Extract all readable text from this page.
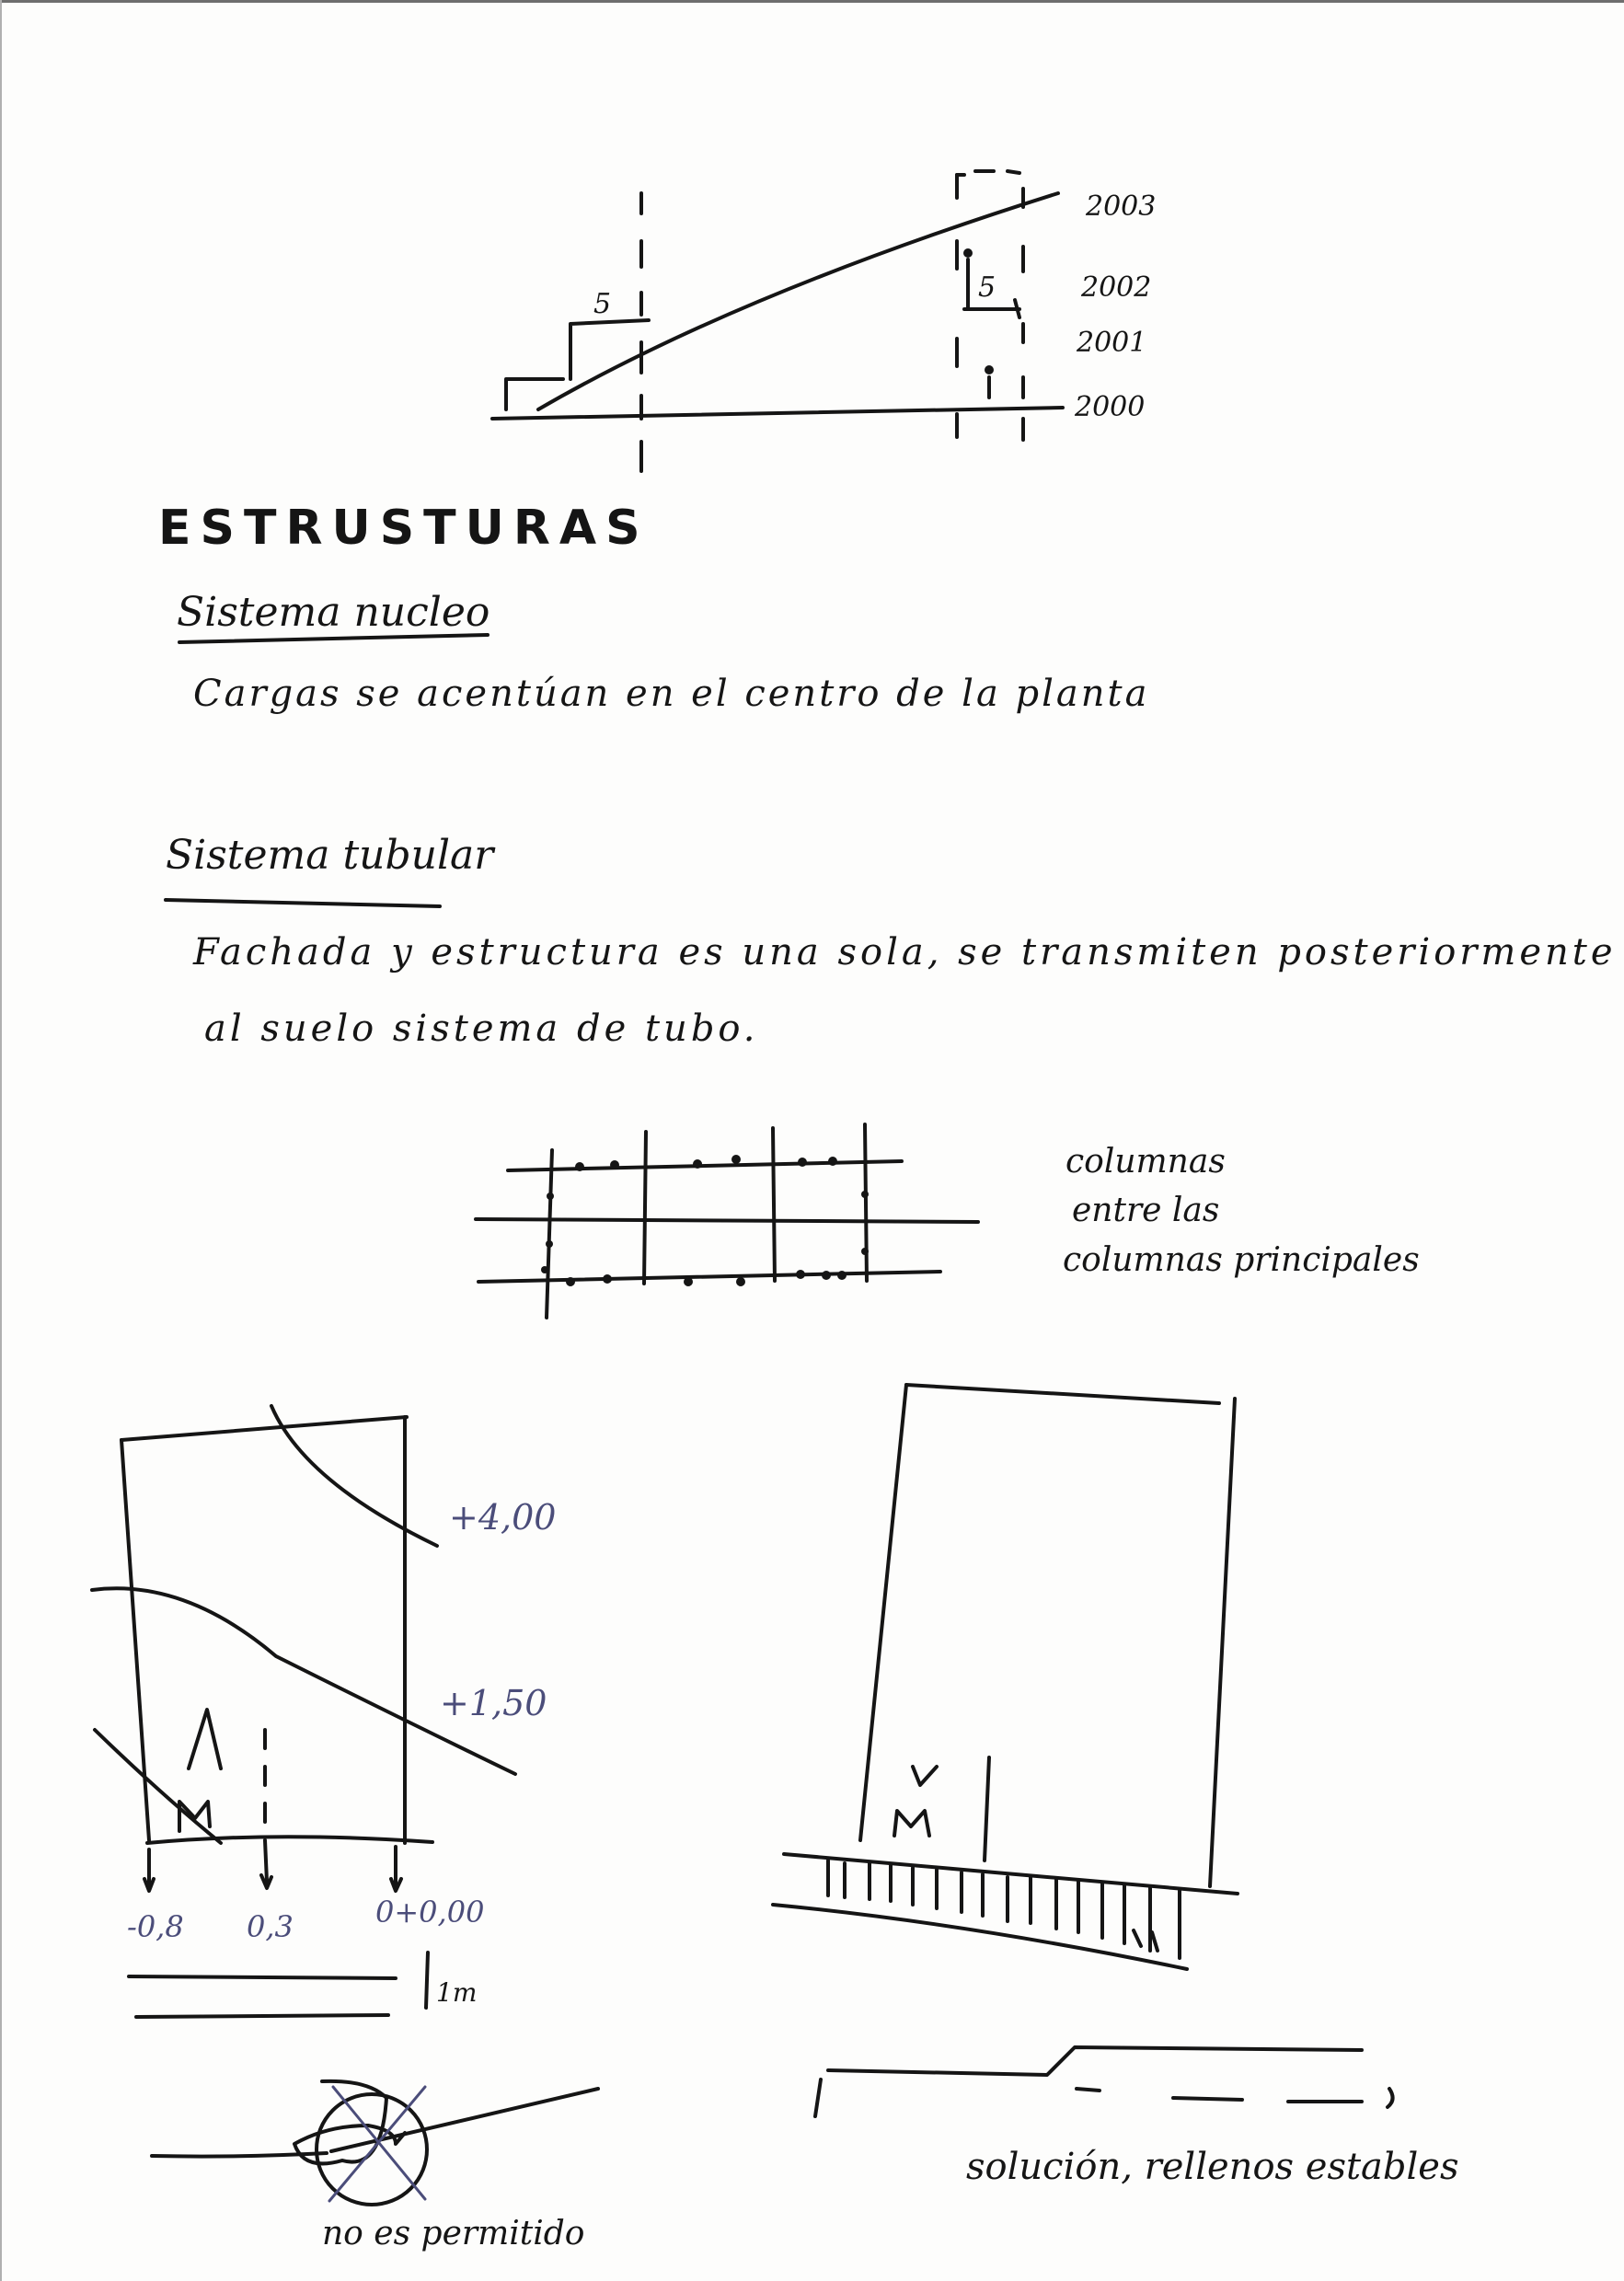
5
5
2003
2002
2001
2000
ESTRUSTURAS
Sistema nucleo
Cargas se acentúan en el centro de la planta
Sistema tubular
Fachada y estructura es una sola, se transmiten posteriormente
al suelo sistema de tubo.
columnas
entre las
columnas principales
+4,00
+1,50
-0,8 0,3	0+0,00
1m
no es permitido
solución, rellenos estables
